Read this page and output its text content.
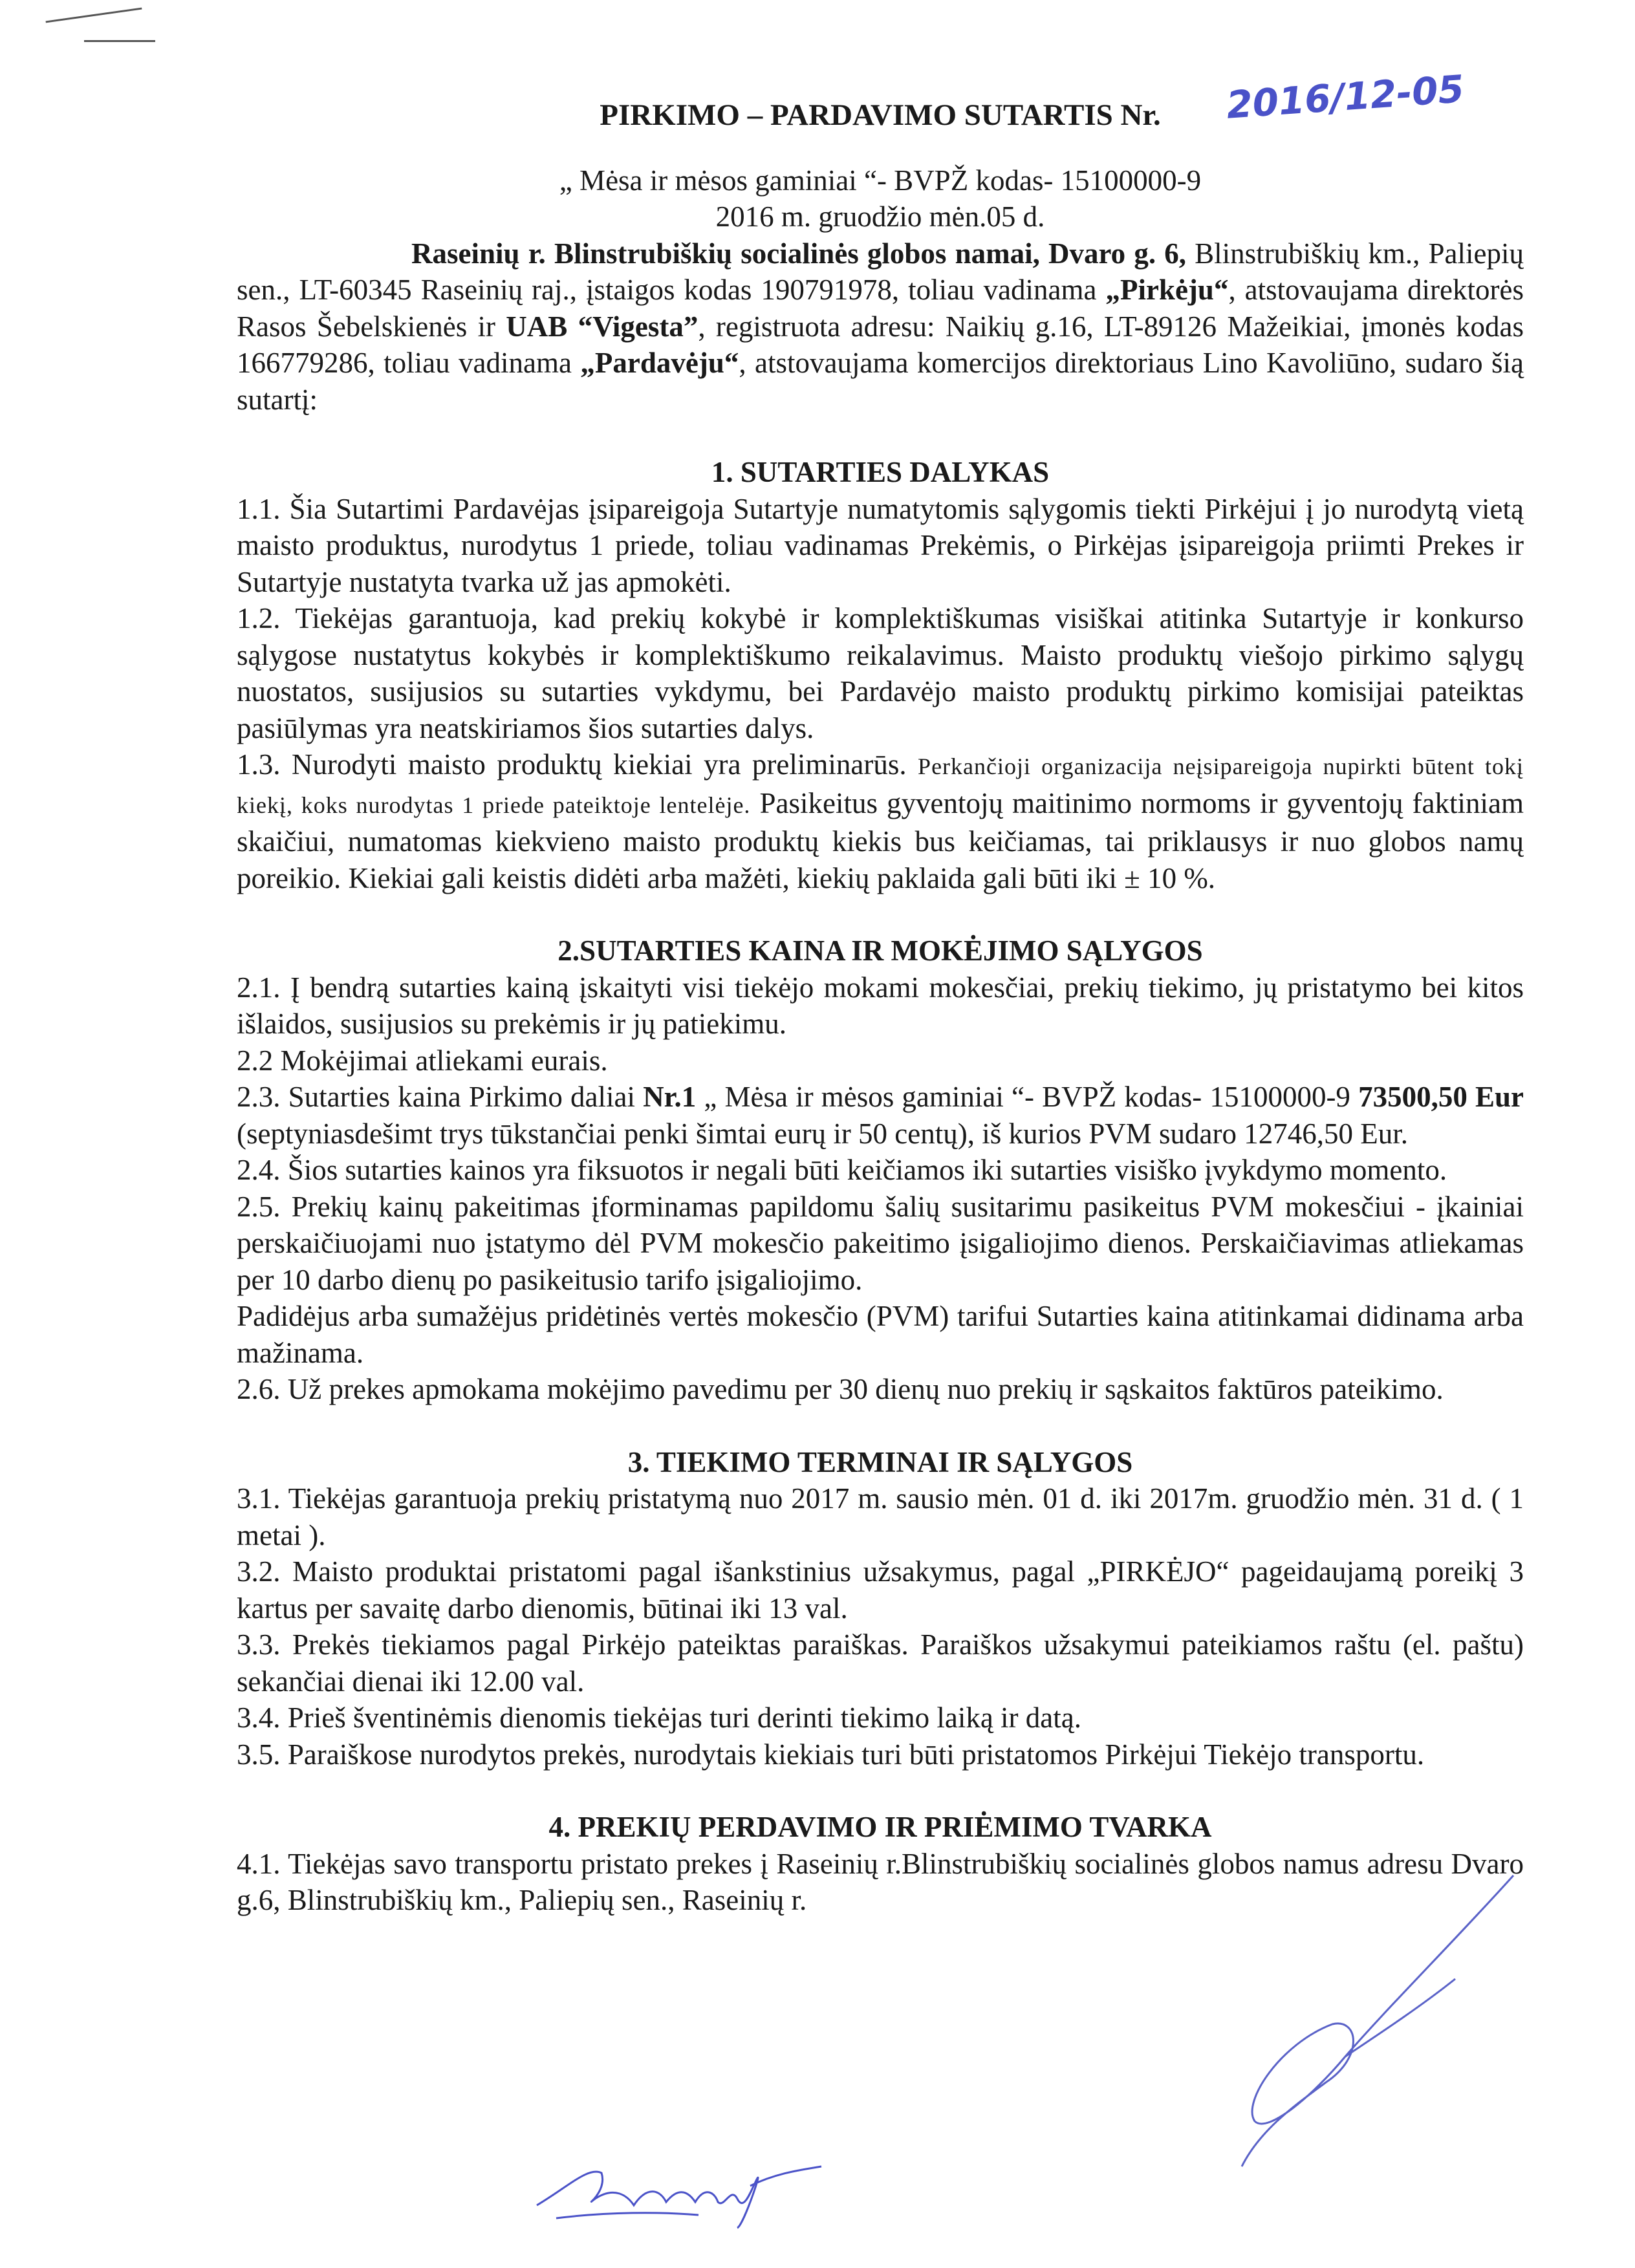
PIRKIMO – PARDAVIMO SUTARTIS Nr. 2016/12-05

„ Mėsa ir mėsos gaminiai “- BVPŽ kodas- 15100000-9

2016 m. gruodžio mėn.05 d.

Raseinių r. Blinstrubiškių socialinės globos namai, Dvaro g. 6, Blinstrubiškių km., Paliepių sen., LT-60345 Raseinių raj., įstaigos kodas 190791978, toliau vadinama „Pirkėju“, atstovaujama direktorės Rasos Šebelskienės ir UAB “Vigesta”, registruota adresu: Naikių g.16, LT-89126 Mažeikiai, įmonės kodas 166779286, toliau vadinama „Pardavėju“, atstovaujama komercijos direktoriaus Lino Kavoliūno, sudaro šią sutartį:

1. SUTARTIES DALYKAS

1.1. Šia Sutartimi Pardavėjas įsipareigoja Sutartyje numatytomis sąlygomis tiekti Pirkėjui į jo nurodytą vietą maisto produktus, nurodytus 1 priede, toliau vadinamas Prekėmis, o Pirkėjas įsipareigoja priimti Prekes ir Sutartyje nustatyta tvarka už jas apmokėti.

1.2. Tiekėjas garantuoja, kad prekių kokybė ir komplektiškumas visiškai atitinka Sutartyje ir konkurso sąlygose nustatytus kokybės ir komplektiškumo reikalavimus. Maisto produktų viešojo pirkimo sąlygų nuostatos, susijusios su sutarties vykdymu, bei Pardavėjo maisto produktų pirkimo komisijai pateiktas pasiūlymas yra neatskiriamos šios sutarties dalys.

1.3. Nurodyti maisto produktų kiekiai yra preliminarūs. Perkančioji organizacija neįsipareigoja nupirkti būtent tokį kiekį, koks nurodytas 1 priede pateiktoje lentelėje. Pasikeitus gyventojų maitinimo normoms ir gyventojų faktiniam skaičiui, numatomas kiekvieno maisto produktų kiekis bus keičiamas, tai priklausys ir nuo globos namų poreikio. Kiekiai gali keistis didėti arba mažėti, kiekių paklaida gali būti iki ± 10 %.

2.SUTARTIES KAINA IR MOKĖJIMO SĄLYGOS

2.1. Į bendrą sutarties kainą įskaityti visi tiekėjo mokami mokesčiai, prekių tiekimo, jų pristatymo bei kitos išlaidos, susijusios su prekėmis ir jų patiekimu.

2.2 Mokėjimai atliekami eurais.

2.3. Sutarties kaina Pirkimo daliai Nr.1 „ Mėsa ir mėsos gaminiai “- BVPŽ kodas- 15100000-9 73500,50 Eur (septyniasdešimt trys tūkstančiai penki šimtai eurų ir 50 centų), iš kurios PVM sudaro 12746,50 Eur.

2.4. Šios sutarties kainos yra fiksuotos ir negali būti keičiamos iki sutarties visiško įvykdymo momento.

2.5. Prekių kainų pakeitimas įforminamas papildomu šalių susitarimu pasikeitus PVM mokesčiui - įkainiai perskaičiuojami nuo įstatymo dėl PVM mokesčio pakeitimo įsigaliojimo dienos. Perskaičiavimas atliekamas per 10 darbo dienų po pasikeitusio tarifo įsigaliojimo.

Padidėjus arba sumažėjus pridėtinės vertės mokesčio (PVM) tarifui Sutarties kaina atitinkamai didinama arba mažinama.

2.6. Už prekes apmokama mokėjimo pavedimu per 30 dienų nuo prekių ir sąskaitos faktūros pateikimo.

3. TIEKIMO TERMINAI IR SĄLYGOS

3.1. Tiekėjas garantuoja prekių pristatymą nuo 2017 m. sausio mėn. 01 d. iki 2017m. gruodžio mėn. 31 d. ( 1 metai ).

3.2. Maisto produktai pristatomi pagal išankstinius užsakymus, pagal „PIRKĖJO“ pageidaujamą poreikį 3 kartus per savaitę darbo dienomis, būtinai iki 13 val.

3.3. Prekės tiekiamos pagal Pirkėjo pateiktas paraiškas. Paraiškos užsakymui pateikiamos raštu (el. paštu) sekančiai dienai iki 12.00 val.

3.4. Prieš šventinėmis dienomis tiekėjas turi derinti tiekimo laiką ir datą.

3.5. Paraiškose nurodytos prekės, nurodytais kiekiais turi būti pristatomos Pirkėjui Tiekėjo transportu.

4. PREKIŲ PERDAVIMO IR PRIĖMIMO TVARKA

4.1. Tiekėjas savo transportu pristato prekes į Raseinių r.Blinstrubiškių socialinės globos namus adresu Dvaro g.6, Blinstrubiškių km., Paliepių sen., Raseinių r.
